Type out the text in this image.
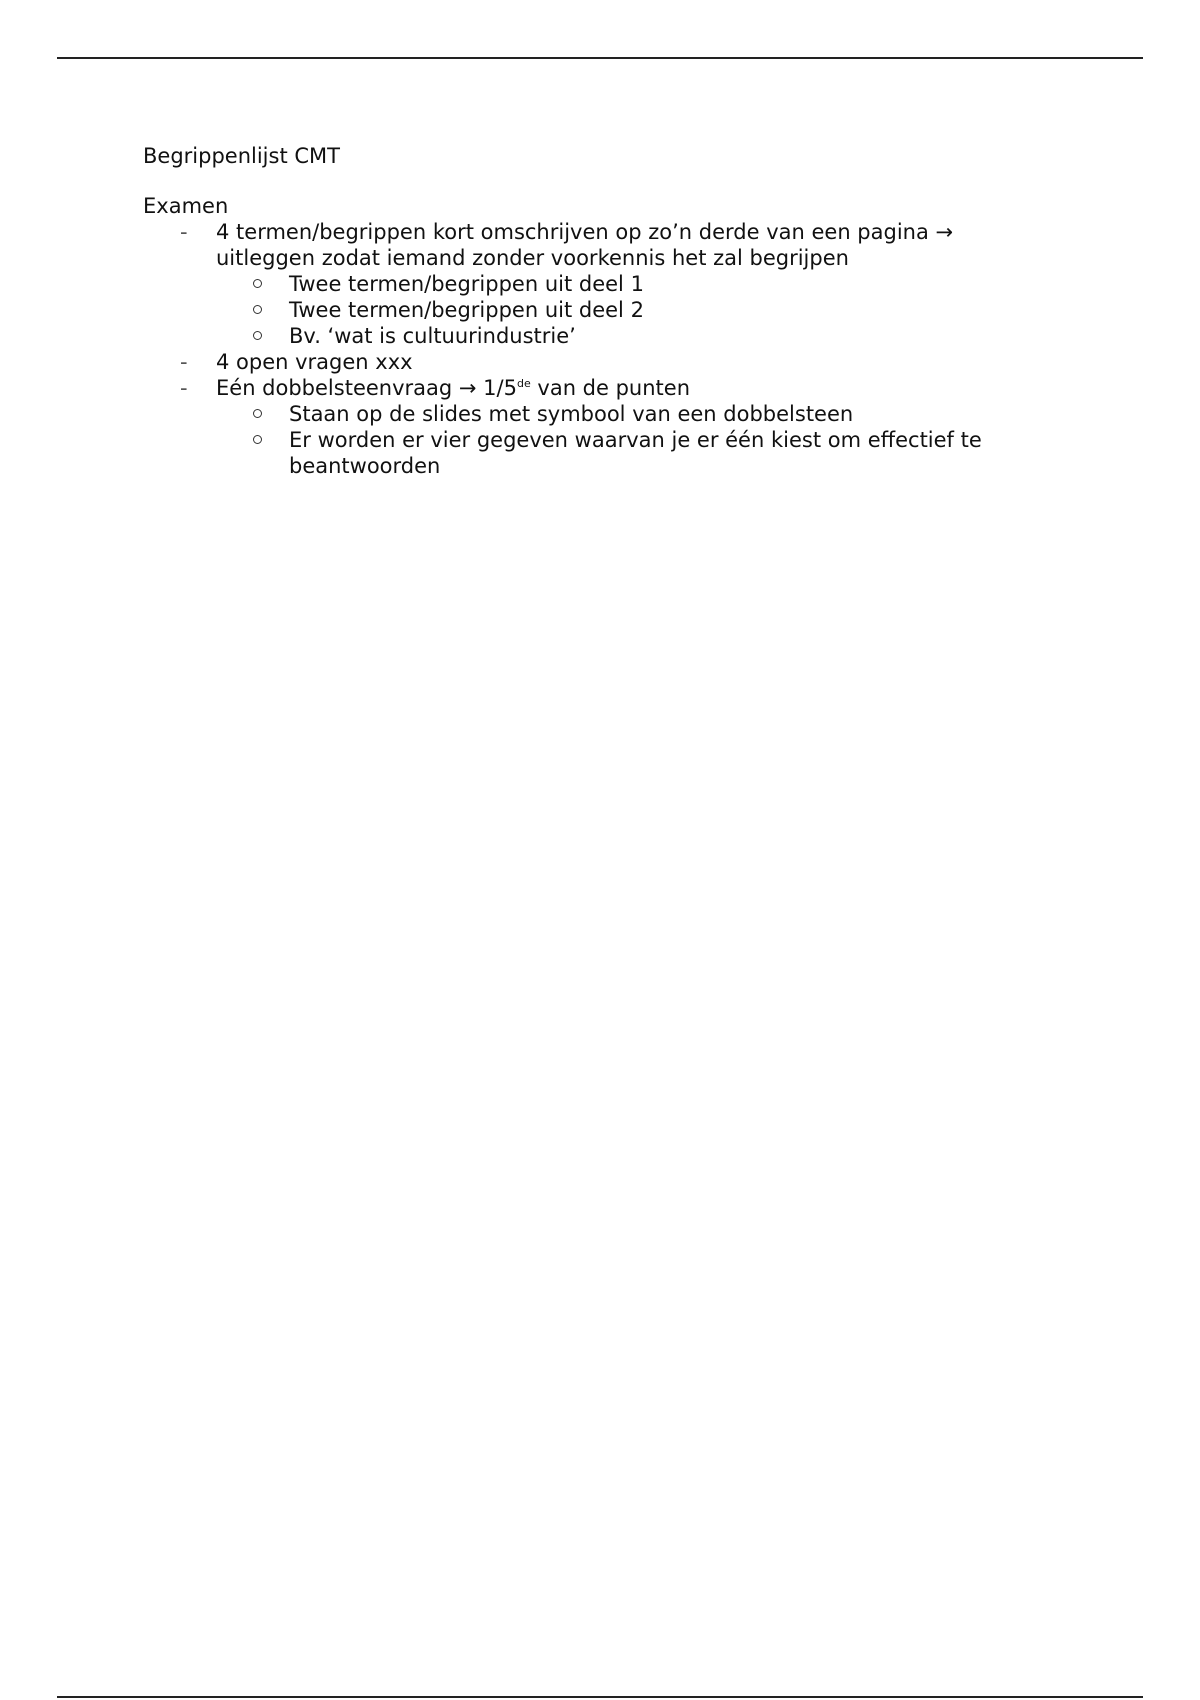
Begrippenlijst CMT
Examen
- 4 termen/begrippen kort omschrijven op zo’n derde van een pagina → uitleggen zodat iemand zonder voorkennis het zal begrijpen
Twee termen/begrippen uit deel 1
Twee termen/begrippen uit deel 2
Bv. ‘wat is cultuurindustrie’
- 4 open vragen xxx
- Eén dobbelsteenvraag → 1/5de van de punten
Staan op de slides met symbool van een dobbelsteen
Er worden er vier gegeven waarvan je er één kiest om effectief te beantwoorden
